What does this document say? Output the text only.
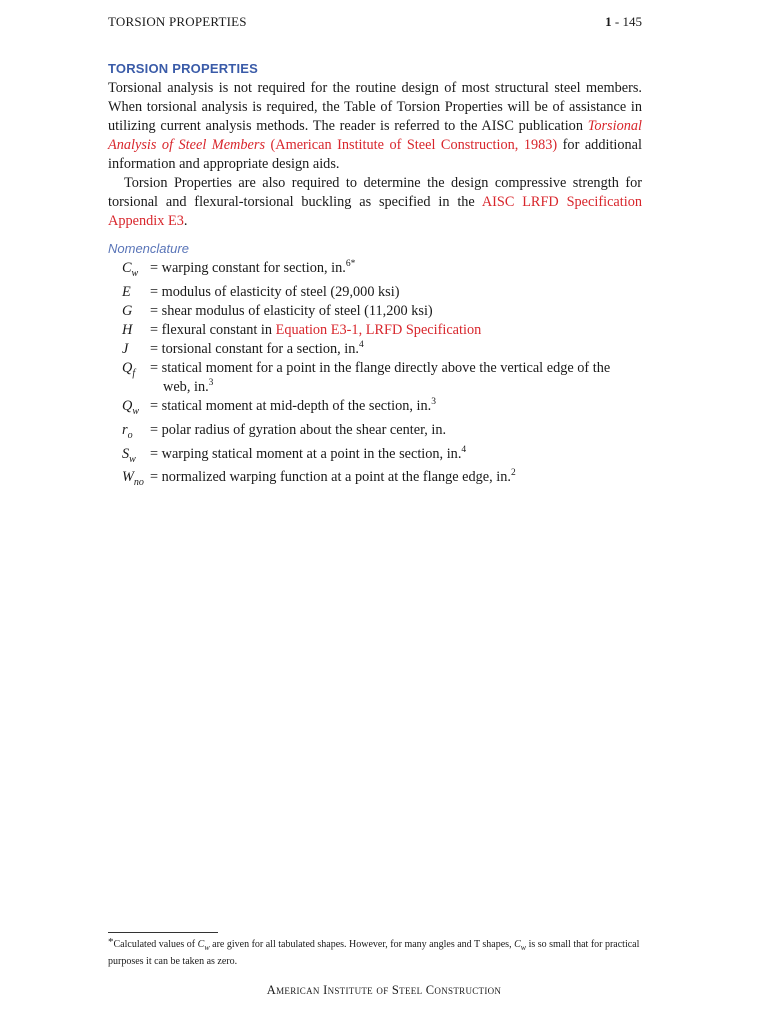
TORSION PROPERTIES	1 - 145
TORSION PROPERTIES
Torsional analysis is not required for the routine design of most structural steel members. When torsional analysis is required, the Table of Torsion Properties will be of assistance in utilizing current analysis methods. The reader is referred to the AISC publication Torsional Analysis of Steel Members (American Institute of Steel Construction, 1983) for additional information and appropriate design aids.
Torsion Properties are also required to determine the design compressive strength for torsional and flexural-torsional buckling as specified in the AISC LRFD Specification Appendix E3.
Nomenclature
$C_w$ = warping constant for section, in.$^{6*}$
E	= modulus of elasticity of steel (29,000 ksi)
G	= shear modulus of elasticity of steel (11,200 ksi)
H	= flexural constant in Equation E3-1, LRFD Specification
J	= torsional constant for a section, in.$^4$
$Q_f$	= statical moment for a point in the flange directly above the vertical edge of the
web, in.$^3$
$Q_w$ = statical moment at mid-depth of the section, in.$^3$
$r_o$	= polar radius of gyration about the shear center, in.
$S_w$ = warping statical moment at a point in the section, in.$^4$
$W_{no}$ = normalized warping function at a point at the flange edge, in.$^2$
*Calculated values of $C_w$ are given for all tabulated shapes. However, for many angles and T shapes, $C_w$ is so small that for practical purposes it can be taken as zero.
American Institute of Steel Construction
